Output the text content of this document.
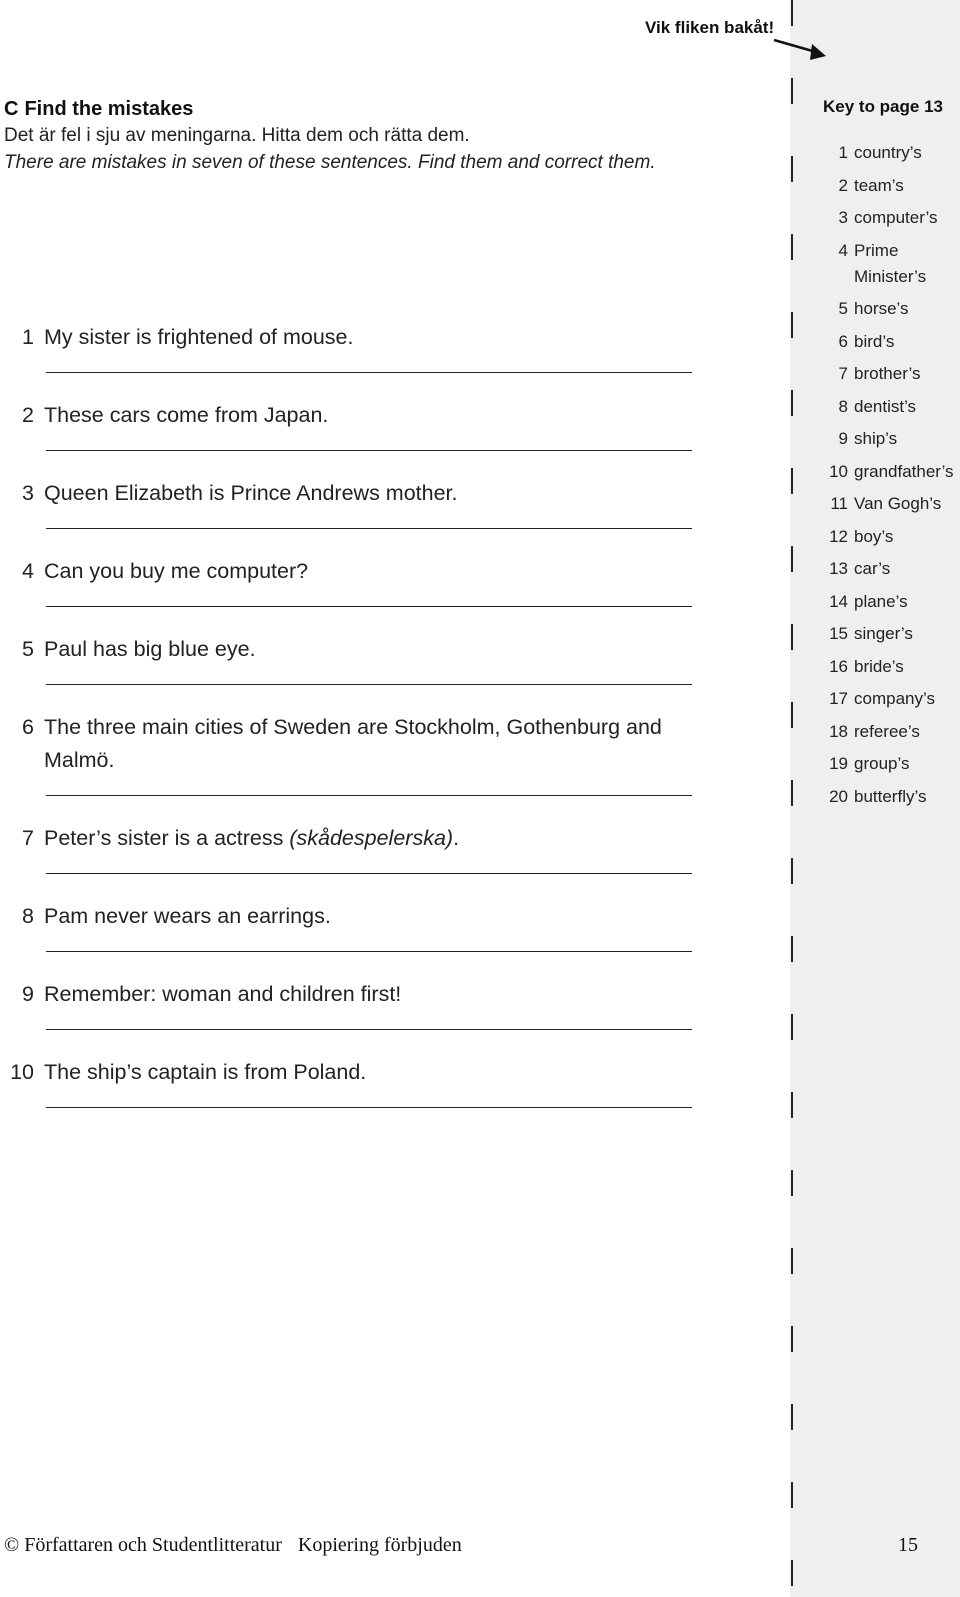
Vik fliken bakåt!
C Find the mistakes

Det är fel i sju av meningarna. Hitta dem och rätta dem.

There are mistakes in seven of these sentences. Find them and correct them.

1 My sister is frightened of mouse.
2 These cars come from Japan.
3 Queen Elizabeth is Prince Andrews mother.
4 Can you buy me computer?
5 Paul has big blue eye.
6 The three main cities of Sweden are Stockholm, Gothenburg and Malmö.
7 Peter’s sister is a actress (skådespelerska).
8 Pam never wears an earrings.
9 Remember: woman and children first!
10 The ship’s captain is from Poland.
Key to page 13
1 country’s
2 team’s
3 computer’s
4 Prime Minister’s
5 horse’s
6 bird’s
7 brother’s
8 dentist’s
9 ship’s
10 grandfather’s
11 Van Gogh’s
12 boy’s
13 car’s
14 plane’s
15 singer’s
16 bride’s
17 company’s
18 referee’s
19 group’s
20 butterfly’s
© Författaren och Studentlitteratur Kopiering förbjuden	15
